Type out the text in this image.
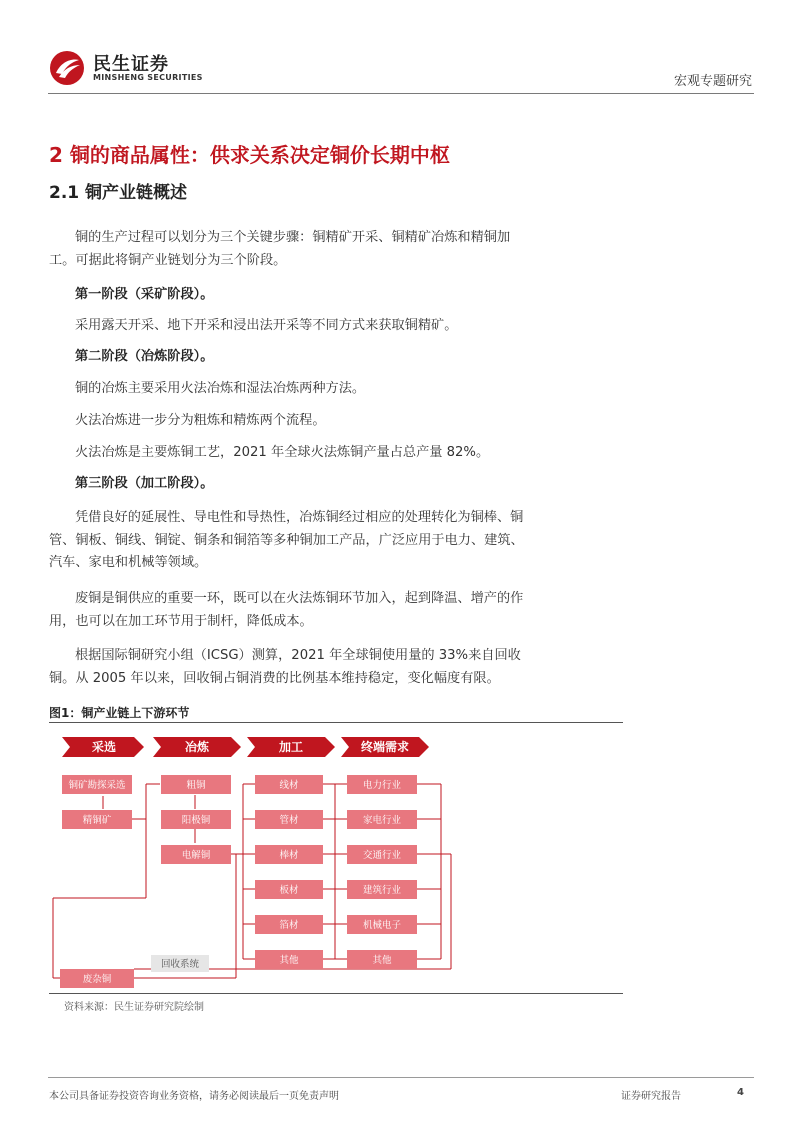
民生证券
MINSHENG SECURITIES	宏观专题研究
2 铜的商品属性：供求关系决定铜价长期中枢
2.1 铜产业链概述

铜的生产过程可以划分为三个关键步骤：铜精矿开采、铜精矿冶炼和精铜加工。可据此将铜产业链划分为三个阶段。

第一阶段（采矿阶段）。

采用露天开采、地下开采和浸出法开采等不同方式来获取铜精矿。

第二阶段（冶炼阶段）。

铜的冶炼主要采用火法冶炼和湿法冶炼两种方法。

火法冶炼进一步分为粗炼和精炼两个流程。

火法冶炼是主要炼铜工艺，2021 年全球火法炼铜产量占总产量 82%。

第三阶段（加工阶段）。

凭借良好的延展性、导电性和导热性，冶炼铜经过相应的处理转化为铜棒、铜管、铜板、铜线、铜锭、铜条和铜箔等多种铜加工产品，广泛应用于电力、建筑、汽车、家电和机械等领域。

废铜是铜供应的重要一环，既可以在火法炼铜环节加入，起到降温、增产的作用，也可以在加工环节用于制杆，降低成本。

根据国际铜研究小组（ICSG）测算，2021 年全球铜使用量的 33%来自回收铜。从 2005 年以来，回收铜占铜消费的比例基本维持稳定，变化幅度有限。

图1：铜产业链上下游环节
采选	冶炼	加工	终端需求
铜矿勘探采选
精铜矿
粗铜
阳极铜
电解铜
线材
管材
棒材
板材
箔材
其他
电力行业
家电行业
交通行业
建筑行业
机械电子
其他
回收系统
废杂铜
资料来源：民生证券研究院绘制
本公司具备证券投资咨询业务资格，请务必阅读最后一页免责声明	证券研究报告	4
